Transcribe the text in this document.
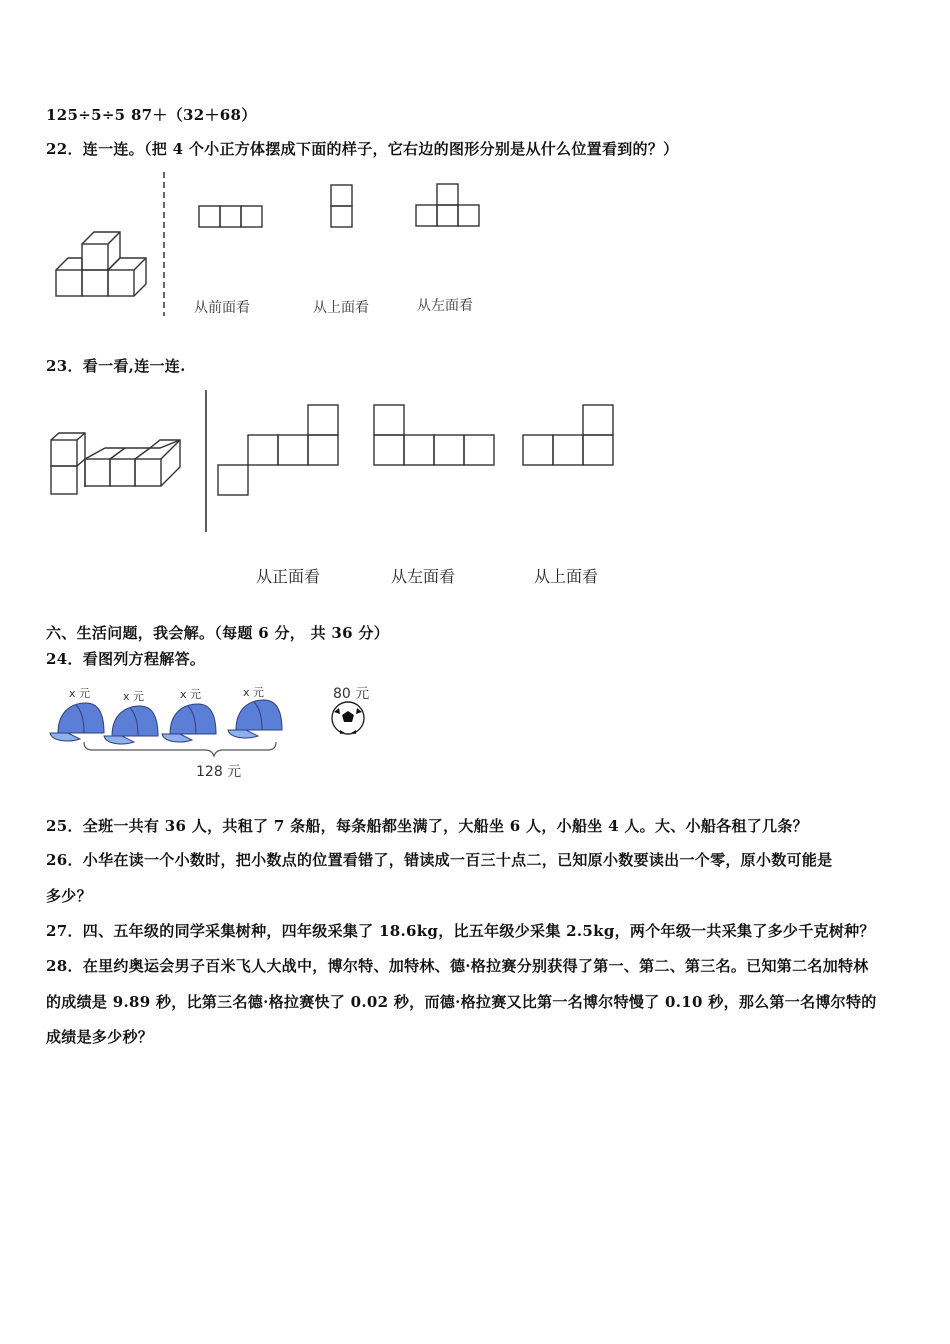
125÷5÷5 87＋（32＋68）
22．连一连。（把 4 个小正方体摆成下面的样子，它右边的图形分别是从什么位置看到的？）
从前面看	从上面看	从左面看
23．看一看,连一连.
从正面看	从左面看	从上面看
六、生活问题，我会解。（每题 6 分， 共 36 分）
24．看图列方程解答。
x 元	x 元	x 元	x 元	80 元
128 元
25．全班一共有 36 人，共租了 7 条船，每条船都坐满了，大船坐 6 人，小船坐 4 人。大、小船各租了几条？
26．小华在读一个小数时，把小数点的位置看错了，错读成一百三十点二，已知原小数要读出一个零，原小数可能是
多少？
27．四、五年级的同学采集树种，四年级采集了 18.6kg，比五年级少采集 2.5kg，两个年级一共采集了多少千克树种？
28．在里约奥运会男子百米飞人大战中，博尔特、加特林、德·格拉赛分别获得了第一、第二、第三名。已知第二名加特林
的成绩是 9.89 秒，比第三名德·格拉赛快了 0.02 秒，而德·格拉赛又比第一名博尔特慢了 0.10 秒，那么第一名博尔特的
成绩是多少秒？
